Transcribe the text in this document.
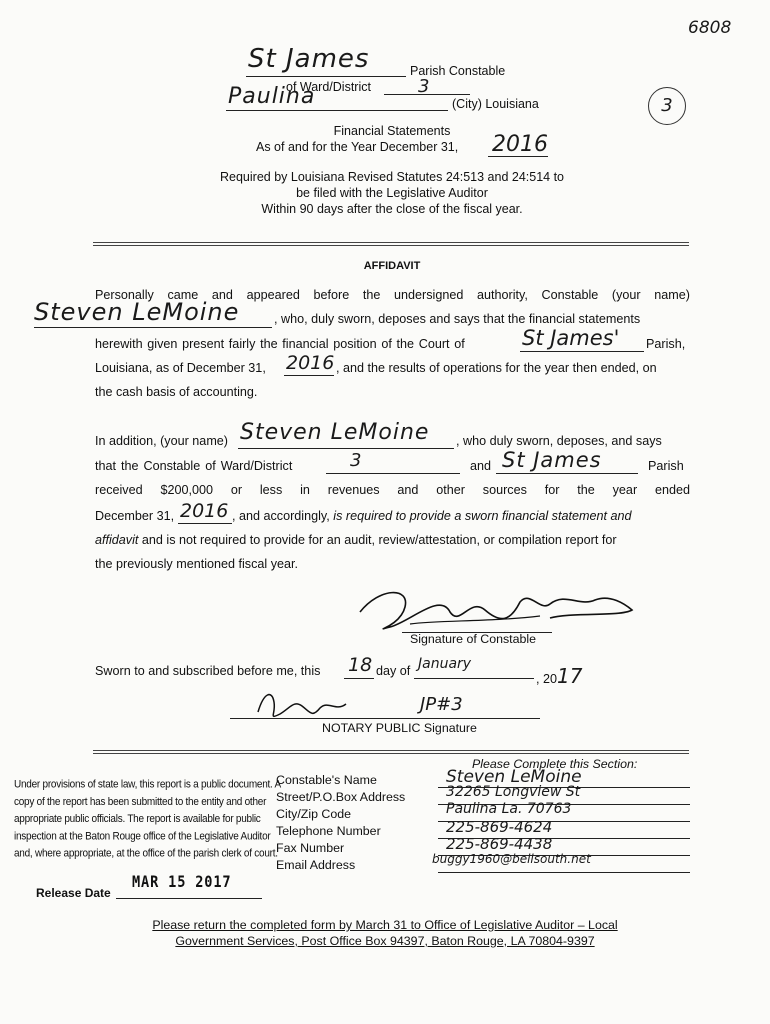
6808
3
St James	Parish Constable
of Ward/District	3
Paulina	(City) Louisiana
Financial Statements
As of and for the Year December 31, 2016
Required by Louisiana Revised Statutes 24:513 and 24:514 to
be filed with the Legislative Auditor
Within 90 days after the close of the fiscal year.
AFFIDAVIT
Personally came and appeared before the undersigned authority, Constable (your name)
Steven LeMoine	, who, duly sworn, deposes and says that the financial statements
herewith given present fairly the financial position of the Court of	St James' Parish,
Louisiana, as of December 31, 2016 , and the results of operations for the year then ended, on
the cash basis of accounting.
In addition, (your name) Steven LeMoine , who duly sworn, deposes, and says
that the Constable of Ward/District	3	and St James	Parish
received $200,000 or less in revenues and other sources for the year ended
December 31, 2016 , and accordingly, is required to provide a sworn financial statement and
affidavit and is not required to provide for an audit, review/attestation, or compilation report for
the previously mentioned fiscal year.
Signature of Constable
Sworn to and subscribed before me, this 18 day of January
, 2017
JP#3
NOTARY PUBLIC Signature
Please Complete this Section:
Under provisions of state law, this report is a public document. A copy of the report has been submitted to the entity and other appropriate public officials. The report is available for public inspection at the Baton Rouge office of the Legislative Auditor and, where appropriate, at the office of the parish clerk of court.
Constable's Name	Steven LeMoine
Street/P.O.Box Address	32265 Longview St
City/Zip Code	Paulina La. 70763
Telephone Number	225-869-4624
Fax Number	225-869-4438
Email Address	buggy1960@bellsouth.net
Release Date
MAR 15 2017
Please return the completed form by March 31 to Office of Legislative Auditor – Local
Government Services, Post Office Box 94397, Baton Rouge, LA 70804-9397
